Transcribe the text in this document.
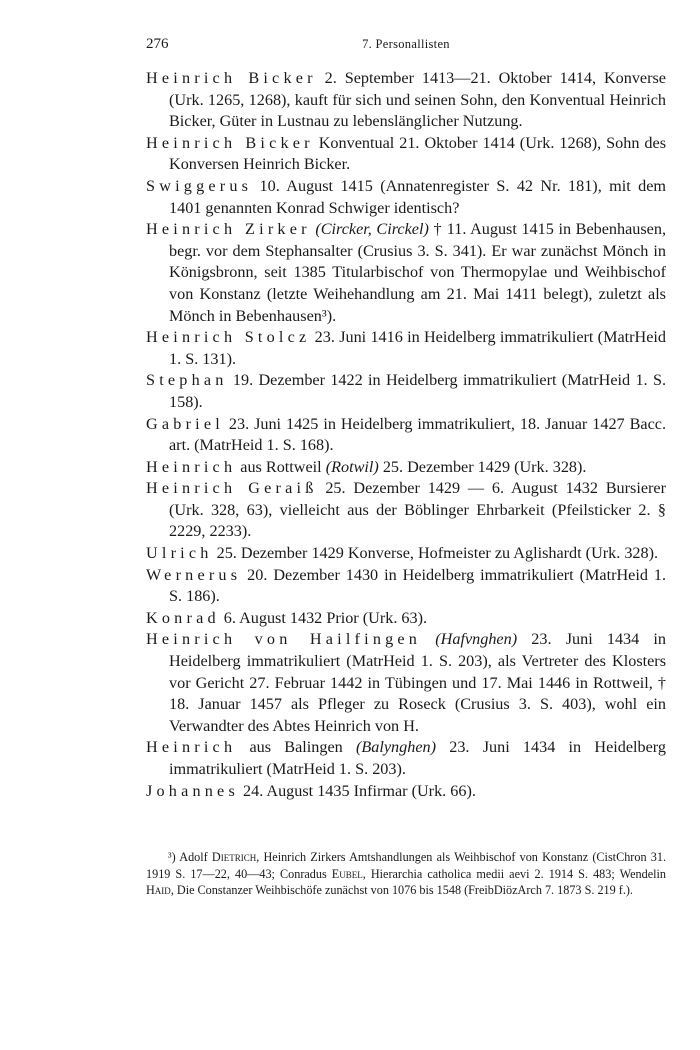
276	7. Personallisten

Heinrich Bicker 2. September 1413—21. Oktober 1414, Konverse (Urk. 1265, 1268), kauft für sich und seinen Sohn, den Konventual Heinrich Bicker, Güter in Lustnau zu lebenslänglicher Nutzung.

Heinrich Bicker Konventual 21. Oktober 1414 (Urk. 1268), Sohn des Konversen Heinrich Bicker.

Swiggerus 10. August 1415 (Annatenregister S. 42 Nr. 181), mit dem 1401 genannten Konrad Schwiger identisch?

Heinrich Zirker (Circker, Circkel) † 11. August 1415 in Bebenhausen, begr. vor dem Stephansalter (Crusius 3. S. 341). Er war zunächst Mönch in Königsbronn, seit 1385 Titularbischof von Thermopylae und Weihbischof von Konstanz (letzte Weihehandlung am 21. Mai 1411 belegt), zuletzt als Mönch in Bebenhausen³).

Heinrich Stolcz 23. Juni 1416 in Heidelberg immatrikuliert (MatrHeid 1. S. 131).

Stephan 19. Dezember 1422 in Heidelberg immatrikuliert (MatrHeid 1. S. 158).

Gabriel 23. Juni 1425 in Heidelberg immatrikuliert, 18. Januar 1427 Bacc. art. (MatrHeid 1. S. 168).

Heinrich aus Rottweil (Rotwil) 25. Dezember 1429 (Urk. 328).

Heinrich Geraiß 25. Dezember 1429 — 6. August 1432 Bursierer (Urk. 328, 63), vielleicht aus der Böblinger Ehrbarkeit (Pfeilsticker 2. § 2229, 2233).

Ulrich 25. Dezember 1429 Konverse, Hofmeister zu Aglishardt (Urk. 328).

Wernerus 20. Dezember 1430 in Heidelberg immatrikuliert (MatrHeid 1. S. 186).

Konrad 6. August 1432 Prior (Urk. 63).

Heinrich von Hailfingen (Hafvnghen) 23. Juni 1434 in Heidelberg immatrikuliert (MatrHeid 1. S. 203), als Vertreter des Klosters vor Gericht 27. Februar 1442 in Tübingen und 17. Mai 1446 in Rottweil, † 18. Januar 1457 als Pfleger zu Roseck (Crusius 3. S. 403), wohl ein Verwandter des Abtes Heinrich von H.

Heinrich aus Balingen (Balynghen) 23. Juni 1434 in Heidelberg immatrikuliert (MatrHeid 1. S. 203).

Johannes 24. August 1435 Infirmar (Urk. 66).

³) Adolf Dietrich, Heinrich Zirkers Amtshandlungen als Weihbischof von Konstanz (CistChron 31. 1919 S. 17—22, 40—43; Conradus Eubel, Hierarchia catholica medii aevi 2. 1914 S. 483; Wendelin Haid, Die Constanzer Weihbischöfe zunächst von 1076 bis 1548 (FreibDiözArch 7. 1873 S. 219 f.).
